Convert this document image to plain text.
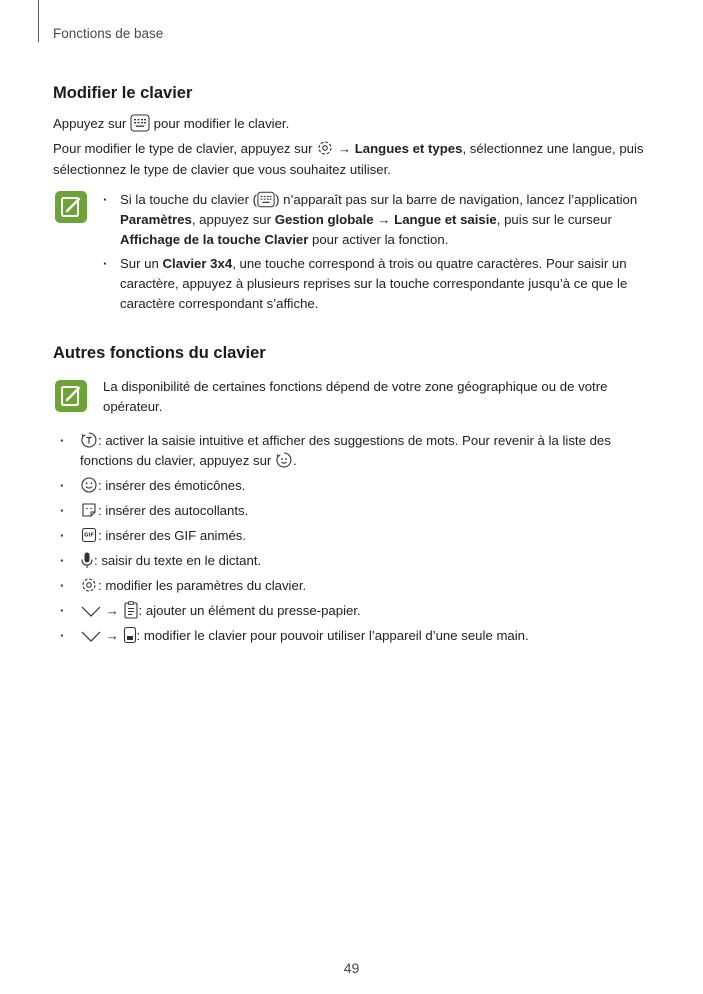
Fonctions de base
Modifier le clavier
Appuyez sur pour modifier le clavier.
Pour modifier le type de clavier, appuyez sur → Langues et types, sélectionnez une langue, puis sélectionnez le type de clavier que vous souhaitez utiliser.
· Si la touche du clavier ( ) n’apparaît pas sur la barre de navigation, lancez l’application Paramètres, appuyez sur Gestion globale → Langue et saisie, puis sur le curseur Affichage de la touche Clavier pour activer la fonction.
· Sur un Clavier 3x4, une touche correspond à trois ou quatre caractères. Pour saisir un caractère, appuyez à plusieurs reprises sur la touche correspondante jusqu’à ce que le caractère correspondant s’affiche.
Autres fonctions du clavier
La disponibilité de certaines fonctions dépend de votre zone géographique ou de votre opérateur.
·	: activer la saisie intuitive et afficher des suggestions de mots. Pour revenir à la liste des fonctions du clavier, appuyez sur .
·	: insérer des émoticônes.
·	: insérer des autocollants.
·	GIF : insérer des GIF animés.
· : saisir du texte en le dictant.
·	: modifier les paramètres du clavier.
·	→ : ajouter un élément du presse-papier.
·	→ : modifier le clavier pour pouvoir utiliser l’appareil d’une seule main.
49
